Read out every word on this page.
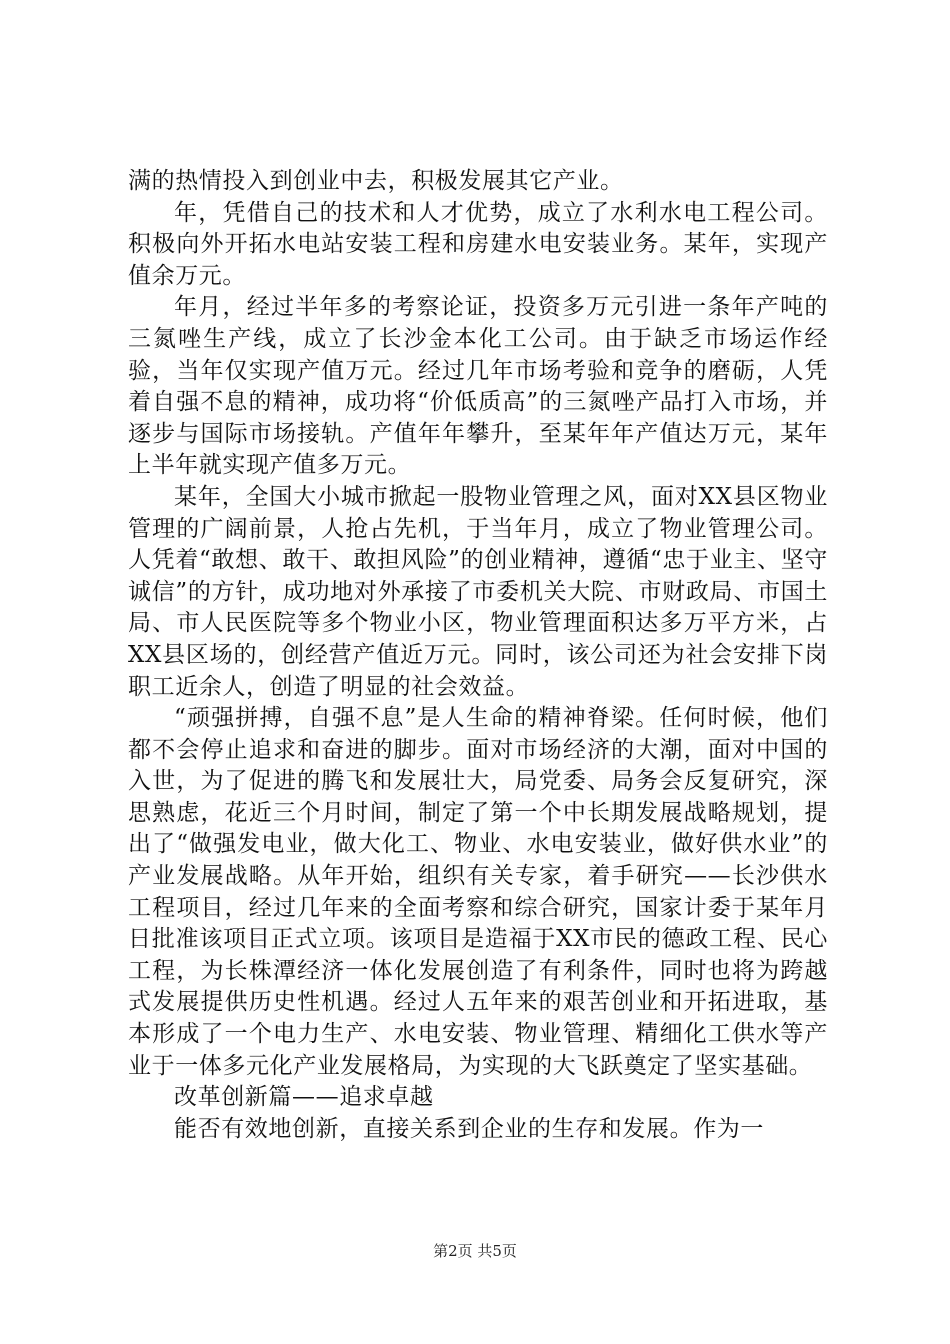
满的热情投入到创业中去，积极发展其它产业。

年，凭借自己的技术和人才优势，成立了水利水电工程公司。积极向外开拓水电站安装工程和房建水电安装业务。某年，实现产值余万元。

年月，经过半年多的考察论证，投资多万元引进一条年产吨的三氮唑生产线，成立了长沙金本化工公司。由于缺乏市场运作经验，当年仅实现产值万元。经过几年市场考验和竞争的磨砺，人凭着自强不息的精神，成功将“价低质高”的三氮唑产品打入市场，并逐步与国际市场接轨。产值年年攀升，至某年年产值达万元，某年上半年就实现产值多万元。

某年，全国大小城市掀起一股物业管理之风，面对XX县区物业管理的广阔前景，人抢占先机，于当年月，成立了物业管理公司。人凭着“敢想、敢干、敢担风险”的创业精神，遵循“忠于业主、坚守诚信”的方针，成功地对外承接了市委机关大院、市财政局、市国土局、市人民医院等多个物业小区，物业管理面积达多万平方米，占XX县区场的，创经营产值近万元。同时，该公司还为社会安排下岗职工近余人，创造了明显的社会效益。

“顽强拼搏，自强不息”是人生命的精神脊梁。任何时候，他们都不会停止追求和奋进的脚步。面对市场经济的大潮，面对中国的入世，为了促进的腾飞和发展壮大，局党委、局务会反复研究，深思熟虑，花近三个月时间，制定了第一个中长期发展战略规划，提出了“做强发电业，做大化工、物业、水电安装业，做好供水业”的产业发展战略。从年开始，组织有关专家，着手研究——长沙供水工程项目，经过几年来的全面考察和综合研究，国家计委于某年月日批准该项目正式立项。该项目是造福于XX市民的德政工程、民心工程，为长株潭经济一体化发展创造了有利条件，同时也将为跨越式发展提供历史性机遇。经过人五年来的艰苦创业和开拓进取，基本形成了一个电力生产、水电安装、物业管理、精细化工供水等产业于一体多元化产业发展格局，为实现的大飞跃奠定了坚实基础。

改革创新篇——追求卓越

能否有效地创新，直接关系到企业的生存和发展。作为一

第2页 共5页
